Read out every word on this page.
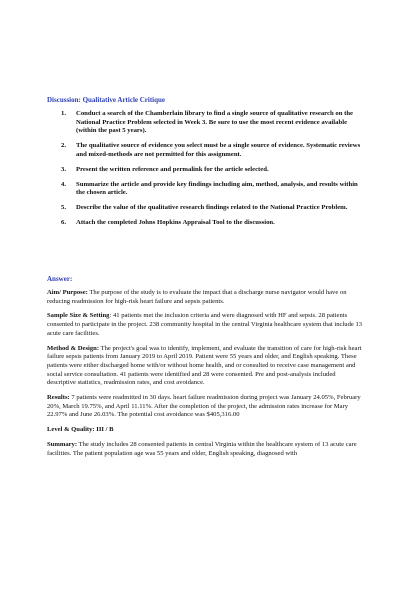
Discussion: Qualitative Article Critique
1.	Conduct a search of the Chamberlain library to find a single source of qualitative research on the National Practice Problem selected in Week 3. Be sure to use the most recent evidence available (within the past 5 years).
2.	The qualitative source of evidence you select must be a single source of evidence. Systematic reviews and mixed-methods are not permitted for this assignment.
3.	Present the written reference and permalink for the article selected.
4.	Summarize the article and provide key findings including aim, method, analysis, and results within the chosen article.
5.	Describe the value of the qualitative research findings related to the National Practice Problem.
6.	Attach the completed Johns Hopkins Appraisal Tool to the discussion.
Answer:

Aim/ Purpose: The purpose of the study is to evaluate the impact that a discharge nurse navigator would have on reducing readmission for high-risk heart failure and sepsis patients.

Sample Size & Setting: 41 patients met the inclusion criteria and were diagnosed with HF and sepsis. 28 patients consented to participate in the project. 238 community hospital in the central Virginia healthcare system that include 13 acute care facilities.

Method & Design: The project's goal was to identify, implement, and evaluate the transition of care for high-risk heart failure sepsis patients from January 2019 to April 2019. Patient were 55 years and older, and English speaking. These patients were either discharged home with/or without home health, and or consulted to receive case management and social service consultation. 41 patients were identified and 28 were consented. Pre and post-analysis included descriptive statistics, readmission rates, and cost avoidance.

Results: 7 patients were readmitted in 30 days. heart failure readmission during project was January 24.05%, February 20%, March 19.75%, and April 11.11%. After the completion of the project, the admission rates increase for Mary 22.97% and June 26.03%. The potential cost avoidance was $405,316.00

Level & Quality: III / B

Summary: The study includes 28 consented patients in central Virginia within the healthcare system of 13 acute care facilities. The patient population age was 55 years and older, English speaking, diagnosed with
